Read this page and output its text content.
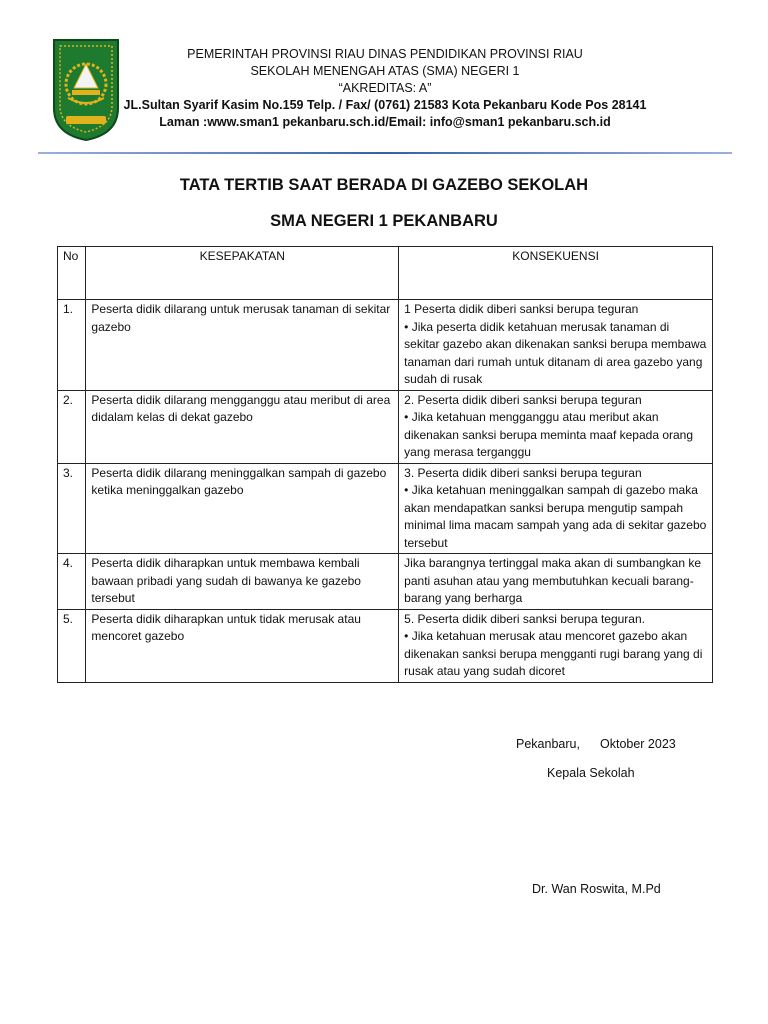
PEMERINTAH PROVINSI RIAU DINAS PENDIDIKAN PROVINSI RIAU
SEKOLAH MENENGAH ATAS (SMA) NEGERI 1
“AKREDITAS: A”
JL.Sultan Syarif Kasim No.159 Telp. / Fax/ (0761) 21583 Kota Pekanbaru Kode Pos 28141
Laman :www.sman1 pekanbaru.sch.id/Email: info@sman1 pekanbaru.sch.id
TATA TERTIB SAAT BERADA DI GAZEBO SEKOLAH
SMA NEGERI 1 PEKANBARU
No	KESEPAKATAN	KONSEKUENSI
1.	Peserta didik dilarang untuk merusak tanaman di sekitar gazebo	1 Peserta didik diberi sanksi berupa teguran
• Jika peserta didik ketahuan merusak tanaman di sekitar gazebo akan dikenakan sanksi berupa membawa tanaman dari rumah untuk ditanam di area gazebo yang sudah di rusak

2.	Peserta didik dilarang mengganggu atau meribut di area didalam kelas di dekat gazebo	2. Peserta didik diberi sanksi berupa teguran
• Jika ketahuan mengganggu atau meribut akan dikenakan sanksi berupa meminta maaf kepada orang yang merasa terganggu

3.	Peserta didik dilarang meninggalkan sampah di gazebo ketika meninggalkan gazebo	3. Peserta didik diberi sanksi berupa teguran
• Jika ketahuan meninggalkan sampah di gazebo maka akan mendapatkan sanksi berupa mengutip sampah minimal lima macam sampah yang ada di sekitar gazebo tersebut

4.	Peserta didik diharapkan untuk membawa kembali bawaan pribadi yang sudah di bawanya ke gazebo tersebut	Jika barangnya tertinggal maka akan di sumbangkan ke panti asuhan atau yang membutuhkan kecuali barang-barang yang berharga

5.	Peserta didik diharapkan untuk tidak merusak atau mencoret gazebo	5. Peserta didik diberi sanksi berupa teguran.
• Jika ketahuan merusak atau mencoret gazebo akan dikenakan sanksi berupa mengganti rugi barang yang di rusak atau yang sudah dicoret
Pekanbaru, Oktober 2023
Kepala Sekolah
Dr. Wan Roswita, M.Pd
